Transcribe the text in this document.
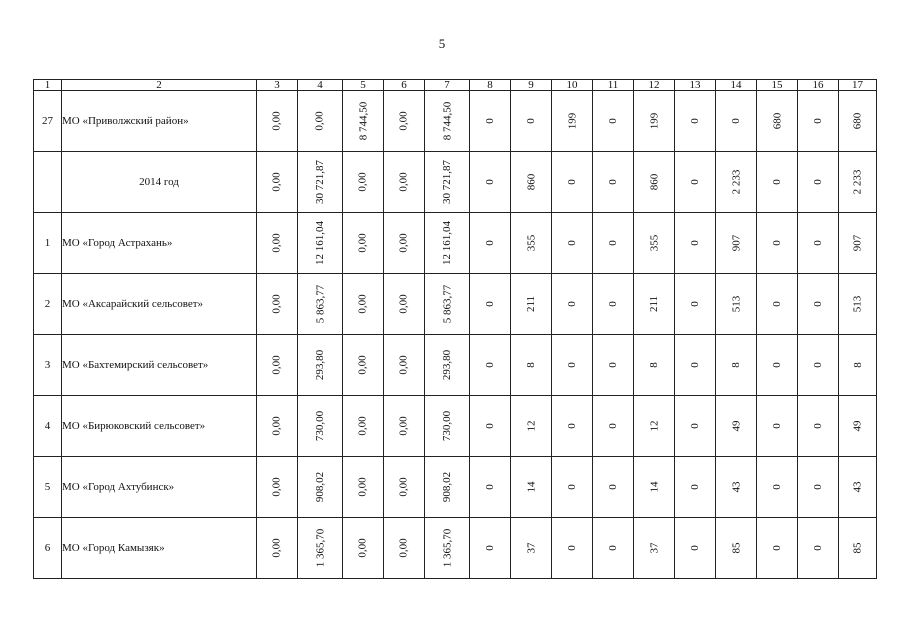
5
1	2	3	4	5	6	7	8	9	10	11	12	13	14	15	16	17
27	МО «Приволжский район»	0,00	0,00	8 744,50	0,00	8 744,50	0	0	199	0	199	0	0	680	0	680
	2014 год	0,00	30 721,87	0,00	0,00	30 721,87	0	860	0	0	860	0	2 233	0	0	2 233
1	МО «Город Астрахань»	0,00	12 161,04	0,00	0,00	12 161,04	0	355	0	0	355	0	907	0	0	907
2	МО «Аксарайский сельсовет»	0,00	5 863,77	0,00	0,00	5 863,77	0	211	0	0	211	0	513	0	0	513
3	МО «Бахтемирский сельсовет»	0,00	293,80	0,00	0,00	293,80	0	8	0	0	8	0	8	0	0	8
4	МО «Бирюковский сельсовет»	0,00	730,00	0,00	0,00	730,00	0	12	0	0	12	0	49	0	0	49
5	МО «Город Ахтубинск»	0,00	908,02	0,00	0,00	908,02	0	14	0	0	14	0	43	0	0	43
6	МО «Город Камызяк»	0,00	1 365,70	0,00	0,00	1 365,70	0	37	0	0	37	0	85	0	0	85
